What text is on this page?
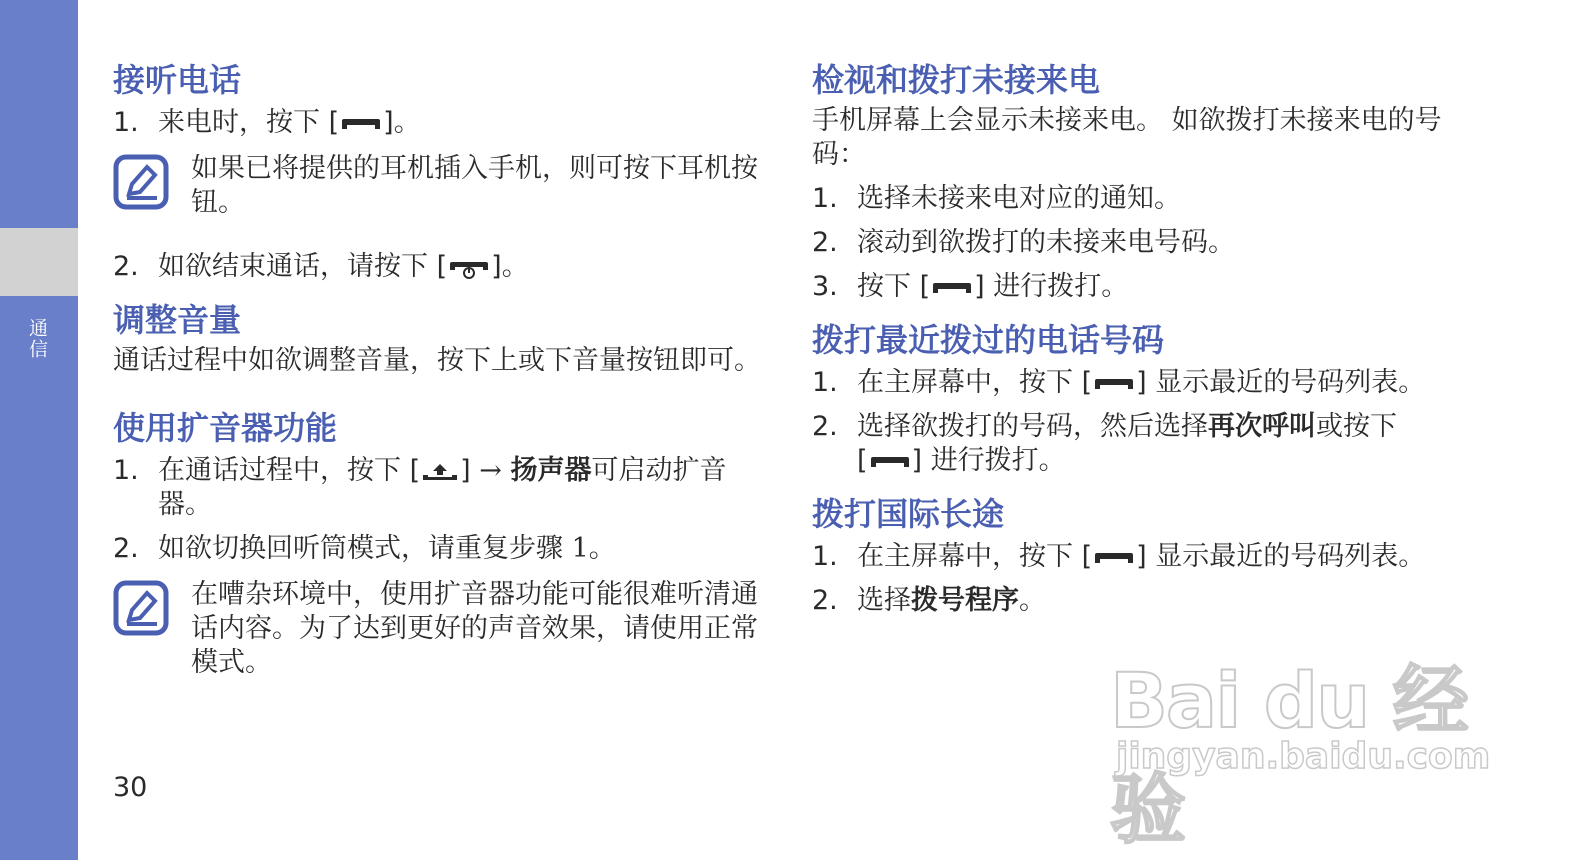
通信
接听电话
1. 来电时，按下 [ ]。
如果已将提供的耳机插入手机，则可按下耳机按钮。
2. 如欲结束通话，请按下 [ ]。
调整音量

通话过程中如欲调整音量，按下上或下音量按钮即可。

使用扩音器功能
1. 在通话过程中，按下 [ ] → 扬声器可启动扩音器。
2. 如欲切换回听筒模式，请重复步骤 1。
在嘈杂环境中，使用扩音器功能可能很难听清通话内容。为了达到更好的声音效果，请使用正常模式。
30
检视和拨打未接来电

手机屏幕上会显示未接来电。 如欲拨打未接来电的号码：

1. 选择未接来电对应的通知。
2. 滚动到欲拨打的未接来电号码。
3. 按下 [ ] 进行拨打。
拨打最近拨过的电话号码
1. 在主屏幕中，按下 [ ] 显示最近的号码列表。
2. 选择欲拨打的号码，然后选择再次呼叫或按下 [ ] 进行拨打。
拨打国际长途
1. 在主屏幕中，按下 [ ] 显示最近的号码列表。
2. 选择拨号程序。
Bai du 经验
jingyan.baidu.com
